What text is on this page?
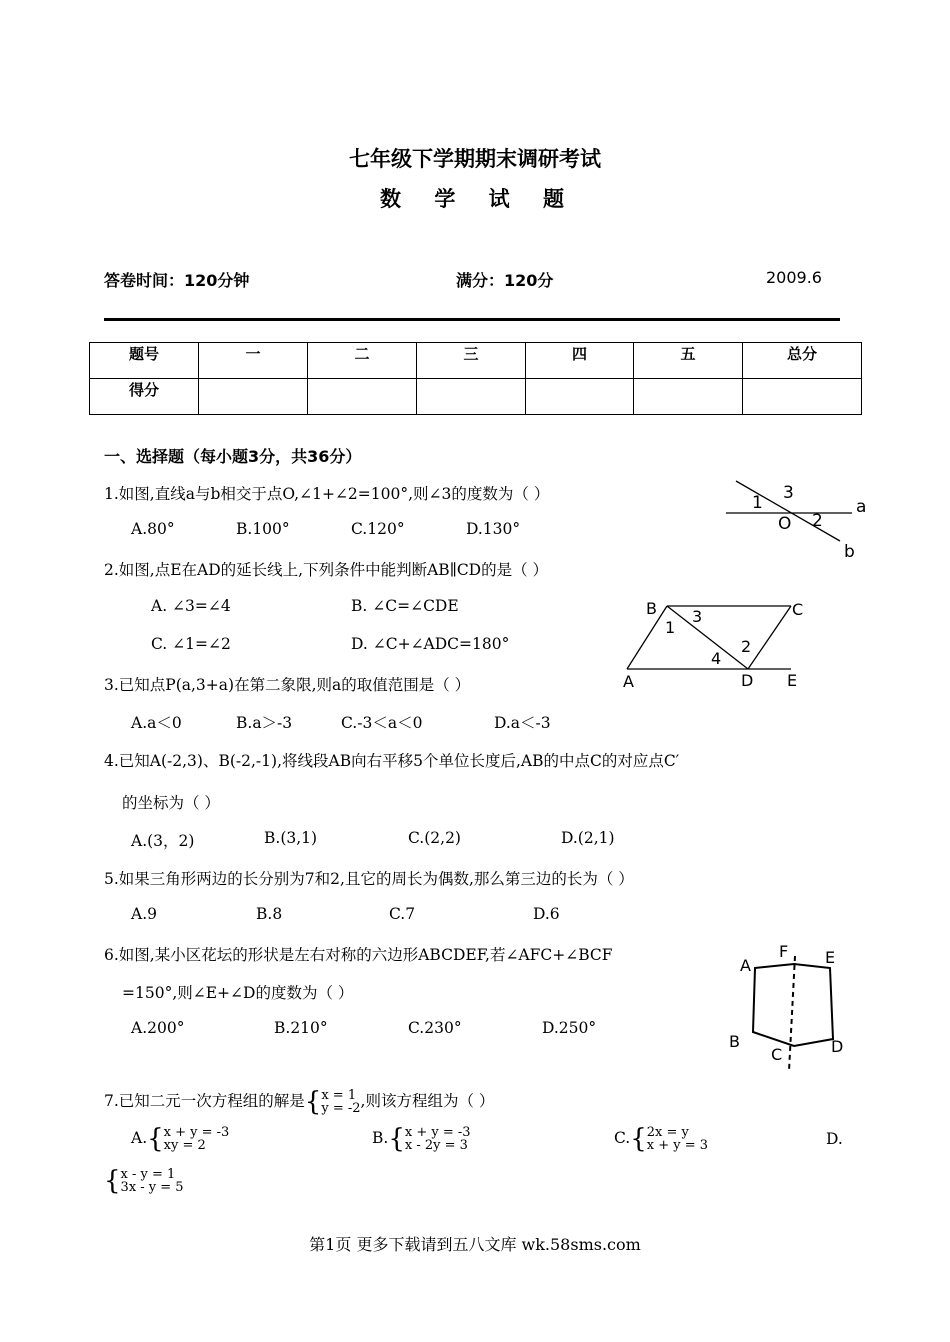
七年级下学期期末调研考试
数 学 试 题
答卷时间：120分钟	满分：120分	2009.6
题号	一	二	三	四	五	总分
得分						
一、选择题（每小题3分，共36分）
1.如图,直线a与b相交于点O,∠1+∠2=100°,则∠3的度数为（ ）
A.80°	B.100°	C.120°	D.130°
1 3
a
O 2
b
2.如图,点E在AD的延长线上,下列条件中能判断AB∥CD的是（ ）
A. ∠3=∠4	B. ∠C=∠CDE
C. ∠1=∠2	D. ∠C+∠ADC=180°
B	C
1
3
2
4
A	D E
3.已知点P(a,3+a)在第二象限,则a的取值范围是（ ）
A.a＜0	B.a＞-3	C.-3＜a＜0	D.a＜-3
4.已知A(-2,3)、B(-2,-1),将线段AB向右平移5个单位长度后,AB的中点C的对应点C′
的坐标为（ ）
A.(3，2)	B.(3,1)	C.(2,2)	D.(2,1)
5.如果三角形两边的长分别为7和2,且它的周长为偶数,那么第三边的长为（ ）
A.9	B.8	C.7	D.6
6.如图,某小区花坛的形状是左右对称的六边形ABCDEF,若∠AFC+∠BCF
=150°,则∠E+∠D的度数为（ ）
A.200°	B.210°	C.230°	D.250°
A
F E
B
C	D
7.已知二元一次方程组的解是{x = 1
y = -2,则该方程组为（ ）
A.{x + y = -3
xy = 2	B.{x + y = -3
x - 2y = 3	C.{2x = y
x + y = 3	D.
{x - y = 1
3x - y = 5
第1页 更多下载请到五八文库 wk.58sms.com
